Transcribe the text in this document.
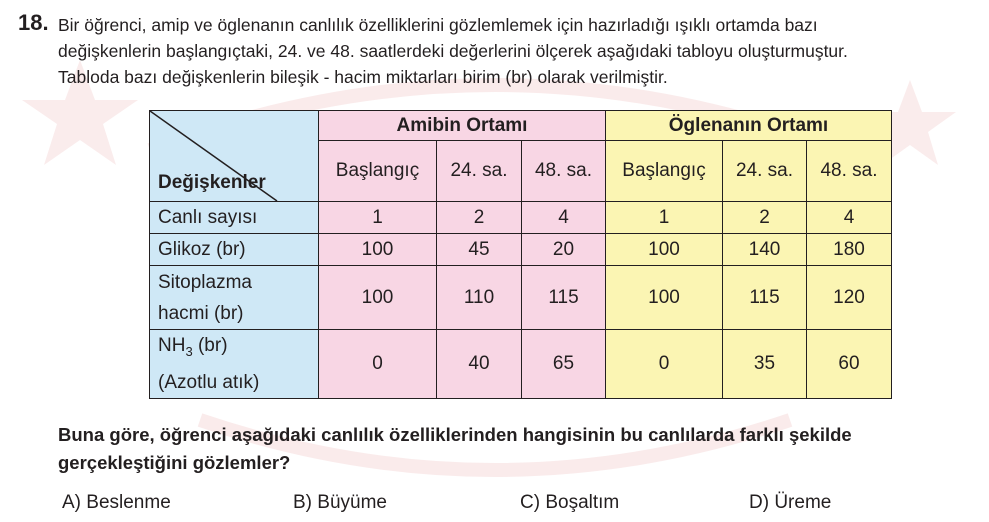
18. Bir öğrenci, amip ve öglenanın canlılık özelliklerini gözlemlemek için hazırladığı ışıklı ortamda bazı
değişkenlerin başlangıçtaki, 24. ve 48. saatlerdeki değerlerini ölçerek aşağıdaki tabloyu oluşturmuştur.
Tabloda bazı değişkenlerin bileşik - hacim miktarları birim (br) olarak verilmiştir.
Değişkenler	Amibin Ortamı			Öglenanın Ortamı		
	Başlangıç	24. sa.	48. sa.	Başlangıç	24. sa.	48. sa.
Canlı sayısı	1	2	4	1	2	4
Glikoz (br)	100	45	20	100	140	180

Sitoplazma
hacmi (br)	100	110	115	100	115	120

$NH_3$ (br)
(Azotlu atık)	0	40	65	0	35	60
Buna göre, öğrenci aşağıdaki canlılık özelliklerinden hangisinin bu canlılarda farklı şekilde
gerçekleştiğini gözlemler?
A) Beslenme	B) Büyüme	C) Boşaltım	D) Üreme
